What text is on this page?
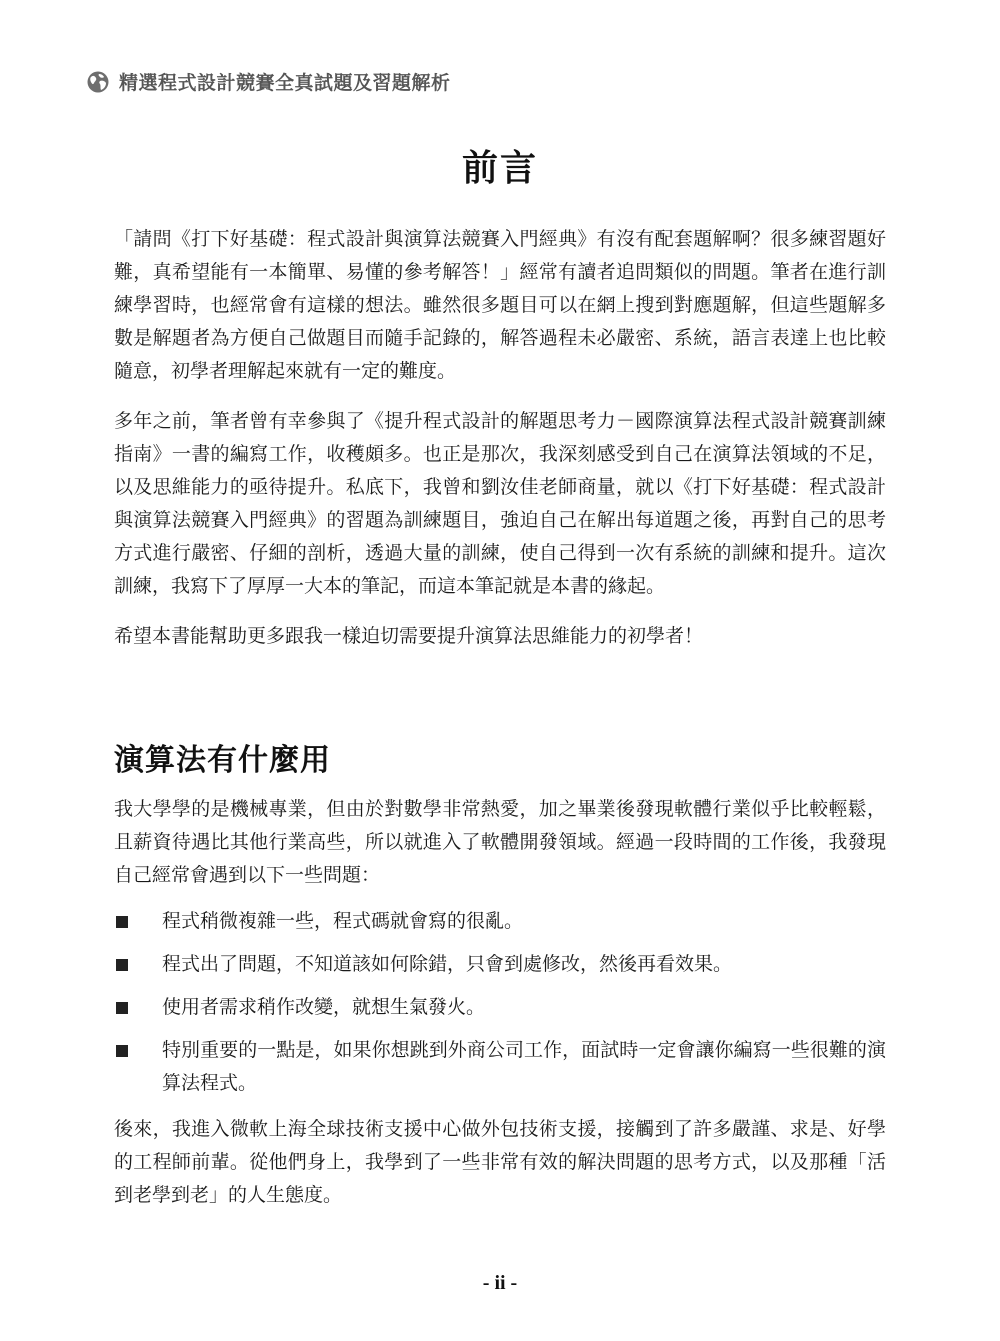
精選程式設計競賽全真試題及習題解析
前言

「請問《打下好基礎：程式設計與演算法競賽入門經典》有沒有配套題解啊？很多練習題好難，真希望能有一本簡單、易懂的參考解答！」經常有讀者追問類似的問題。筆者在進行訓練學習時，也經常會有這樣的想法。雖然很多題目可以在網上搜到對應題解，但這些題解多數是解題者為方便自己做題目而隨手記錄的，解答過程未必嚴密、系統，語言表達上也比較隨意，初學者理解起來就有一定的難度。

多年之前，筆者曾有幸參與了《提升程式設計的解題思考力－國際演算法程式設計競賽訓練指南》一書的編寫工作，收穫頗多。也正是那次，我深刻感受到自己在演算法領域的不足，以及思維能力的亟待提升。私底下，我曾和劉汝佳老師商量，就以《打下好基礎：程式設計與演算法競賽入門經典》的習題為訓練題目，強迫自己在解出每道題之後，再對自己的思考方式進行嚴密、仔細的剖析，透過大量的訓練，使自己得到一次有系統的訓練和提升。這次訓練，我寫下了厚厚一大本的筆記，而這本筆記就是本書的緣起。

希望本書能幫助更多跟我一樣迫切需要提升演算法思維能力的初學者！

演算法有什麼用

我大學學的是機械專業，但由於對數學非常熱愛，加之畢業後發現軟體行業似乎比較輕鬆，且薪資待遇比其他行業高些，所以就進入了軟體開發領域。經過一段時間的工作後，我發現自己經常會遇到以下一些問題：

程式稍微複雜一些，程式碼就會寫的很亂。
程式出了問題，不知道該如何除錯，只會到處修改，然後再看效果。
使用者需求稍作改變，就想生氣發火。
特別重要的一點是，如果你想跳到外商公司工作，面試時一定會讓你編寫一些很難的演算法程式。

後來，我進入微軟上海全球技術支援中心做外包技術支援，接觸到了許多嚴謹、求是、好學的工程師前輩。從他們身上，我學到了一些非常有效的解決問題的思考方式，以及那種「活到老學到老」的人生態度。

- ii -
